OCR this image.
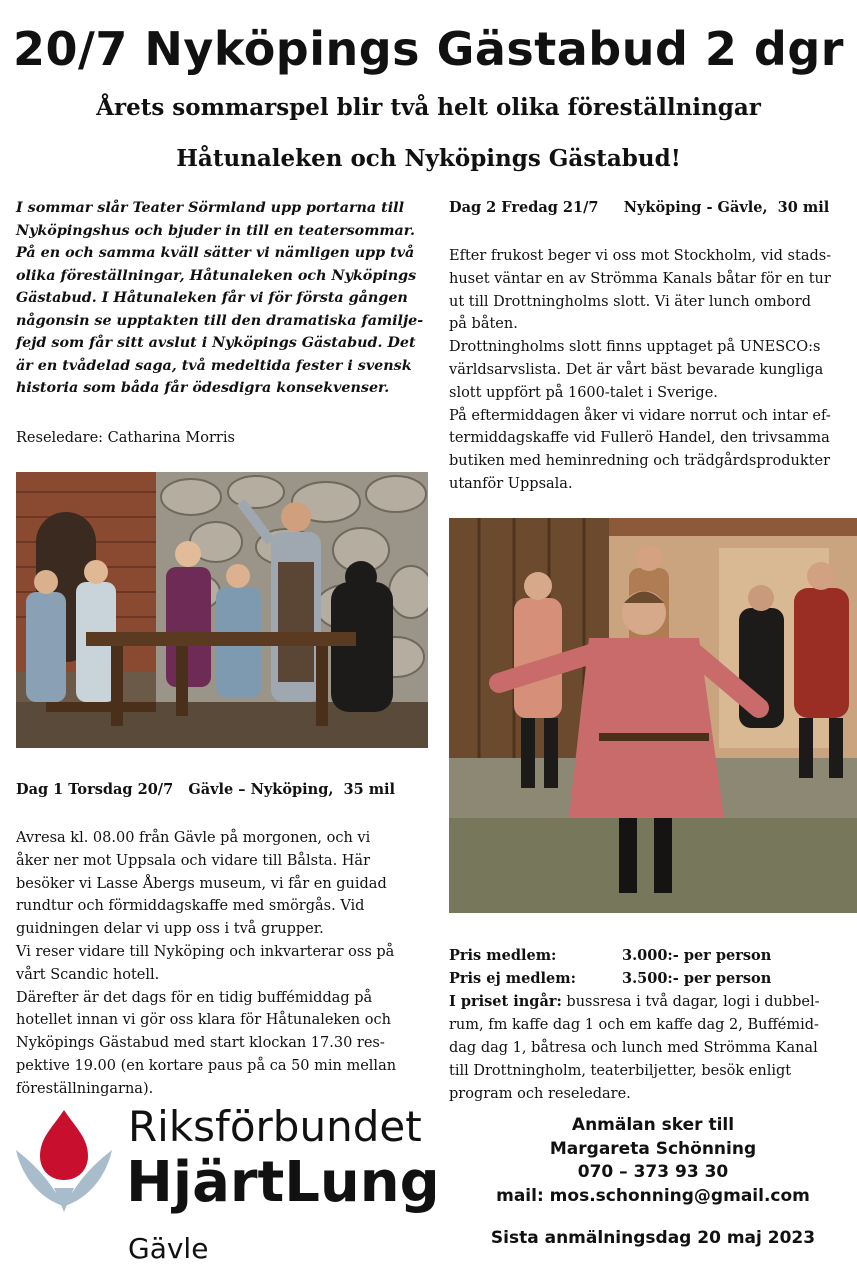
20/7 Nyköpings Gästabud 2 dgr
Årets sommarspel blir två helt olika föreställningar
Håtunaleken och Nyköpings Gästabud!
I sommar slår Teater Sörmland upp portarna till
Nyköpingshus och bjuder in till en teatersommar.
På en och samma kväll sätter vi nämligen upp två
olika föreställningar, Håtunaleken och Nyköpings
Gästabud. I Håtunaleken får vi för första gången
någonsin se upptakten till den dramatiska familje-
fejd som får sitt avslut i Nyköpings Gästabud. Det
är en tvådelad saga, två medeltida fester i svensk
historia som båda får ödesdigra konsekvenser.
Reseledare: Catharina Morris
Dag 1 Torsdag 20/7   Gävle – Nyköping,  35 mil
Avresa kl. 08.00 från Gävle på morgonen, och vi
åker ner mot Uppsala och vidare till Bålsta. Här
besöker vi Lasse Åbergs museum, vi får en guidad
rundtur och förmiddagskaffe med smörgås. Vid
guidningen delar vi upp oss i två grupper.
Vi reser vidare till Nyköping och inkvarterar oss på
vårt Scandic hotell.
Därefter är det dags för en tidig buffémiddag på
hotellet innan vi gör oss klara för Håtunaleken och
Nyköpings Gästabud med start klockan 17.30 res-
pektive 19.00 (en kortare paus på ca 50 min mellan
föreställningarna).
Dag 2 Fredag 21/7     Nyköping - Gävle,  30 mil
Efter frukost beger vi oss mot Stockholm, vid stads-
huset väntar en av Strömma Kanals båtar för en tur
ut till Drottningholms slott. Vi äter lunch ombord
på båten.
Drottningholms slott finns upptaget på UNESCO:s
världsarvslista. Det är vårt bäst bevarade kungliga
slott uppfört på 1600-talet i Sverige.
På eftermiddagen åker vi vidare norrut och intar ef-
termiddagskaffe vid Fullerö Handel, den trivsamma
butiken med heminredning och trädgårdsprodukter
utanför Uppsala.
Pris medlem:	3.000:- per person
Pris ej medlem:	3.500:- per person
I priset ingår: bussresa i två dagar, logi i dubbel-
rum, fm kaffe dag 1 och em kaffe dag 2, Buffémid-
dag dag 1, båtresa och lunch med Strömma Kanal
till Drottningholm, teaterbiljetter, besök enligt
program och reseledare.
Anmälan sker till
Margareta Schönning
070 – 373 93 30
mail: mos.schonning@gmail.com
Sista anmälningsdag 20 maj 2023
Riksförbundet
HjärtLung
Gävle
